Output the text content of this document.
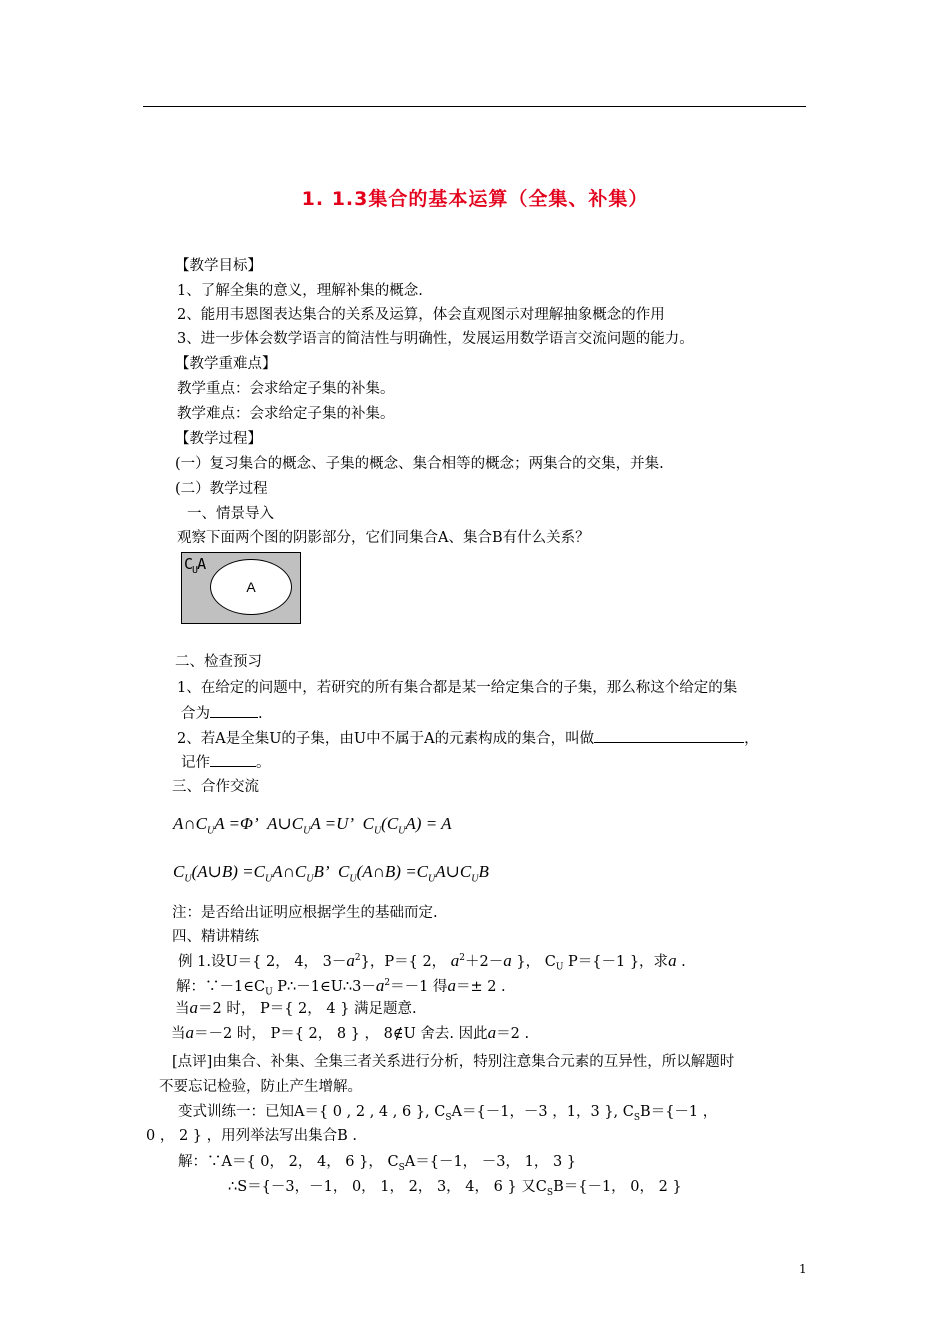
1. 1.3集合的基本运算（全集、补集）
【教学目标】
1、了解全集的意义，理解补集的概念.
2、能用韦恩图表达集合的关系及运算，体会直观图示对理解抽象概念的作用
3、进一步体会数学语言的简洁性与明确性，发展运用数学语言交流问题的能力。
【教学重难点】
教学重点：会求给定子集的补集。
教学难点：会求给定子集的补集。
【教学过程】
(一）复习集合的概念、子集的概念、集合相等的概念；两集合的交集，并集.
(二）教学过程
一、情景导入
观察下面两个图的阴影部分，它们同集合A、集合B有什么关系？
$C_UA$
A
二、检查预习
1、在给定的问题中，若研究的所有集合都是某一给定集合的子集，那么称这个给定的集
合为	.
2、若A是全集U的子集，由U中不属于A的元素构成的集合，叫做	，
记作	。
三、合作交流
$A\cap C_UA =\Phi$’ $A\cup C_UA =U$’ $C_U(C_UA) = A$
$C_U(A\cup B)$ $=C_UA\cap C_UB$’ $C_U(A\cap B)$ $=C_UA\cup C_UB$
注：是否给出证明应根据学生的基础而定.
四、精讲精练
例 1.设U＝{ 2， 4， $3-a^2$}，P＝{ 2， $a^2+2-a$ }， $C_U$ P＝{－1 }，求a .
解：$\because-1\in C_U$ $P\therefore-1\in U\therefore 3-a^2=-1$ 得a＝± 2 .
当a＝2 时， P＝{ 2， 4 } 满足题意.
当a＝－2 时， P＝{ 2， 8 } ， 8∉U 舍去. 因此a＝2 .
[点评]由集合、补集、全集三者关系进行分析，特别注意集合元素的互异性，所以解题时
不要忘记检验，防止产生增解。
变式训练一：已知A＝{ 0 , 2 , 4 , 6 }, $C_SA=\{-1$，－3 ，1，3 }, $C_SB=\{-1$ ，
0 ， 2 } ，用列举法写出集合B .
解：∵A＝{ 0， 2， 4， 6 }， $C_SA=\{-1$， －3， 1， 3 }
∴S＝{－3，－1， 0， 1， 2， 3， 4， 6 } 又$C_SB=\{-1$， 0， 2 }
1
